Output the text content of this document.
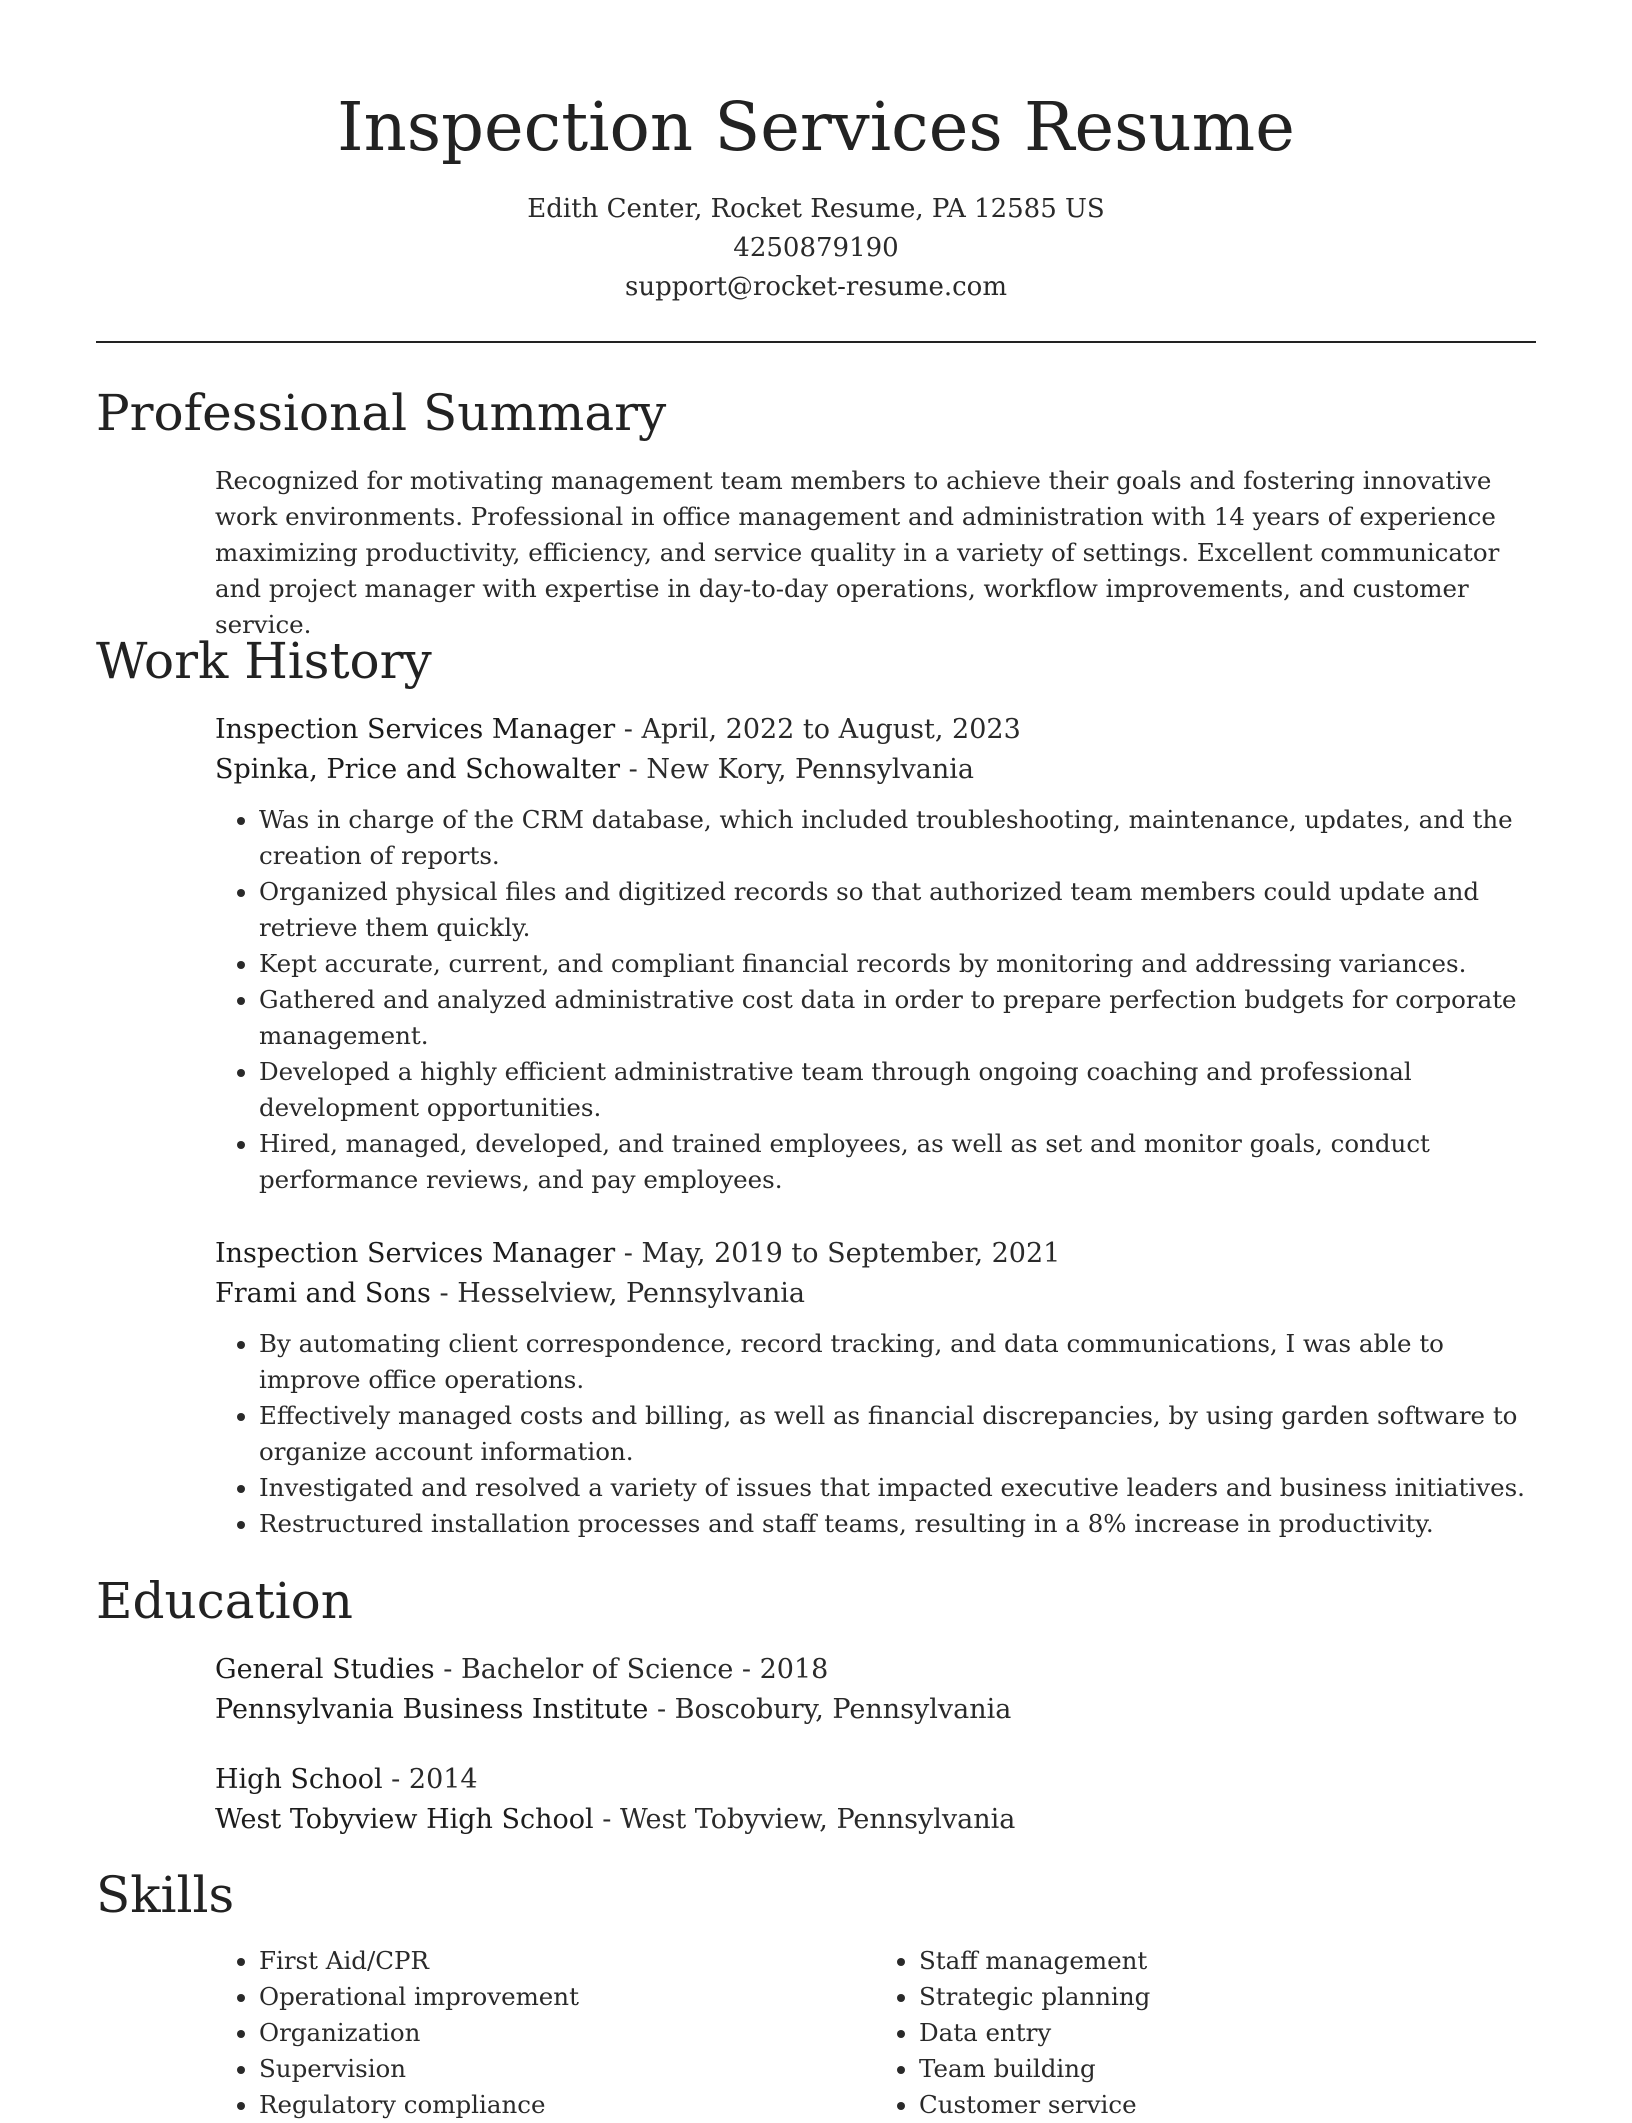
Inspection Services Resume
Edith Center, Rocket Resume, PA 12585 US
4250879190
support@rocket-resume.com
Professional Summary

Recognized for motivating management team members to achieve their goals and fostering innovative work environments. Professional in office management and administration with 14 years of experience maximizing productivity, efficiency, and service quality in a variety of settings. Excellent communicator and project manager with expertise in day-to-day operations, workflow improvements, and customer service.

Work History
Inspection Services Manager - April, 2022 to August, 2023
Spinka, Price and Schowalter - New Kory, Pennsylvania
• Was in charge of the CRM database, which included troubleshooting, maintenance, updates, and the creation of reports.
• Organized physical files and digitized records so that authorized team members could update and retrieve them quickly.
• Kept accurate, current, and compliant financial records by monitoring and addressing variances.
• Gathered and analyzed administrative cost data in order to prepare perfection budgets for corporate management.
• Developed a highly efficient administrative team through ongoing coaching and professional development opportunities.
• Hired, managed, developed, and trained employees, as well as set and monitor goals, conduct performance reviews, and pay employees.
Inspection Services Manager - May, 2019 to September, 2021
Frami and Sons - Hesselview, Pennsylvania
• By automating client correspondence, record tracking, and data communications, I was able to improve office operations.
• Effectively managed costs and billing, as well as financial discrepancies, by using garden software to organize account information.
• Investigated and resolved a variety of issues that impacted executive leaders and business initiatives.
• Restructured installation processes and staff teams, resulting in a 8% increase in productivity.
Education
General Studies - Bachelor of Science - 2018
Pennsylvania Business Institute - Boscobury, Pennsylvania
High School - 2014
West Tobyview High School - West Tobyview, Pennsylvania
Skills
• First Aid/CPR
• Operational improvement
• Organization
• Supervision
• Regulatory compliance
• Staff management
• Strategic planning
• Data entry
• Team building
• Customer service
